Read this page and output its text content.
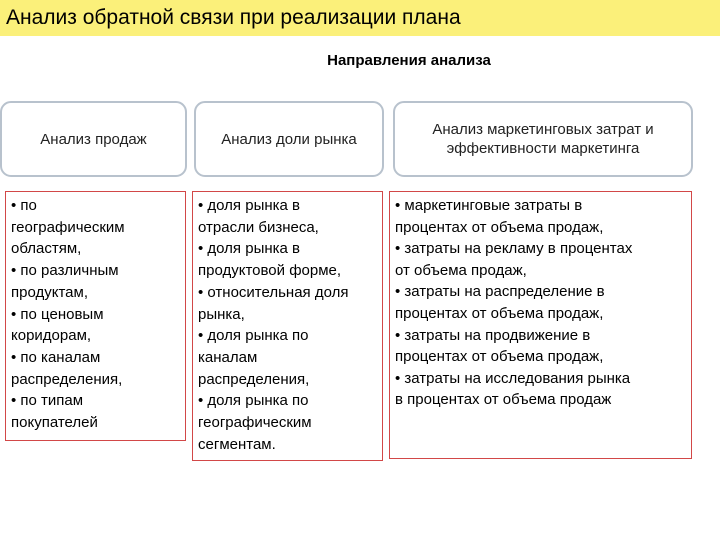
Анализ обратной связи при реализации плана
Направления анализа
Анализ продаж
• по
географическим
областям,
• по различным
продуктам,
• по ценовым
коридорам,
• по каналам
распределения,
• по типам
покупателей
Анализ доли рынка
• доля рынка в
отрасли бизнеса,
• доля рынка в
продуктовой форме,
• относительная доля
рынка,
• доля рынка по
каналам
распределения,
• доля рынка по
географическим
сегментам.
Анализ маркетинговых затрат и
эффективности маркетинга
• маркетинговые затраты в
процентах от объема продаж,
• затраты на рекламу в процентах
от объема продаж,
• затраты на распределение в
процентах от объема продаж,
• затраты на продвижение в
процентах от объема продаж,
• затраты на исследования рынка
в процентах от объема продаж
